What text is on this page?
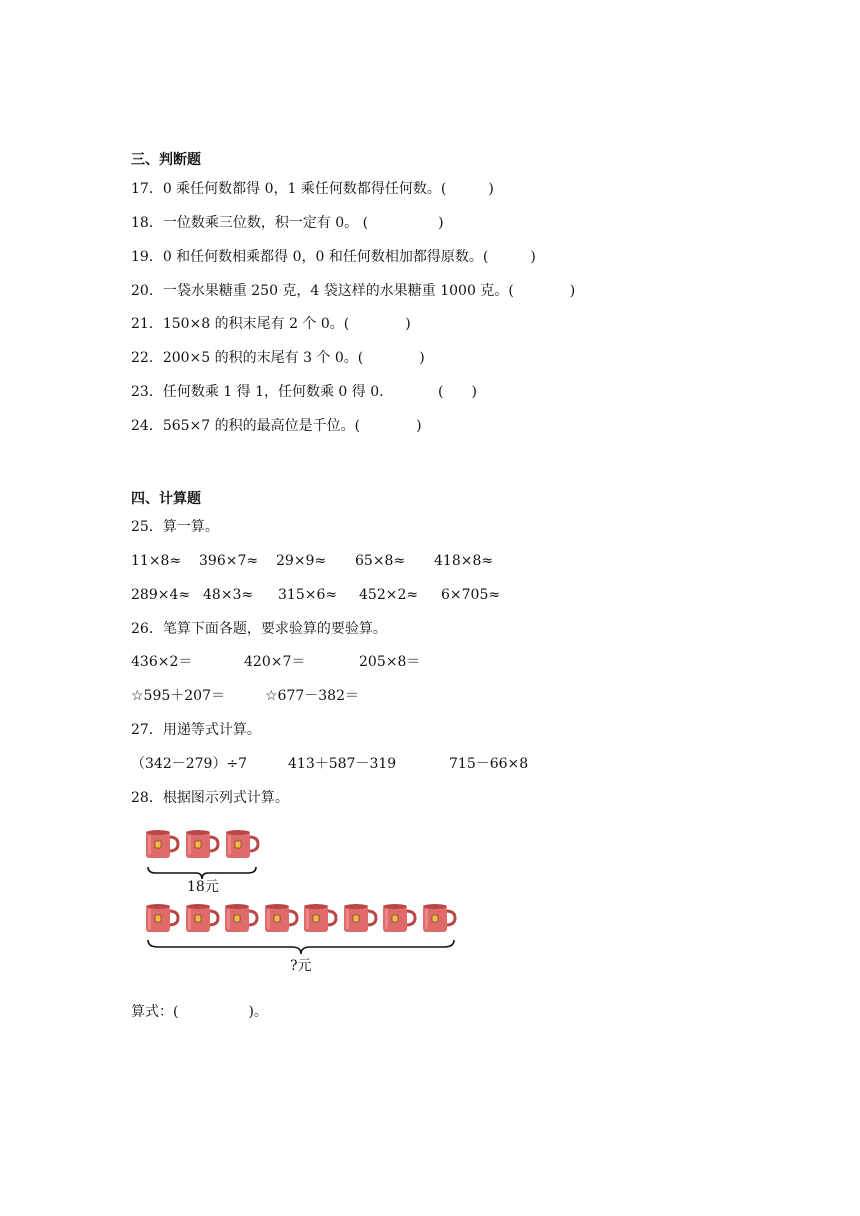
三、判断题
17．0 乘任何数都得 0，1 乘任何数都得任何数。(　　　)
18．一位数乘三位数，积一定有 0。 (　　　　　)
19．0 和任何数相乘都得 0，0 和任何数相加都得原数。(　　　)
20．一袋水果糖重 250 克，4 袋这样的水果糖重 1000 克。(　　　　)
21．150×8 的积末尾有 2 个 0。(　　　　)
22．200×5 的积的末尾有 3 个 0。(　　　　)
23．任何数乘 1 得 1，任何数乘 0 得 0.	(　　)
24．565×7 的积的最高位是千位。(　　　　)
四、计算题
25．算一算。
11×8≈ 396×7≈ 29×9≈ 65×8≈ 418×8≈
289×4≈ 48×3≈ 315×6≈ 452×2≈ 6×705≈
26．笔算下面各题，要求验算的要验算。
436×2＝	420×7＝	205×8＝
☆595＋207＝	☆677－382＝
27．用递等式计算。
（342－279）÷7	413＋587－319	715－66×8
28．根据图示列式计算。
18元
?元
算式：(　　　　　)。
